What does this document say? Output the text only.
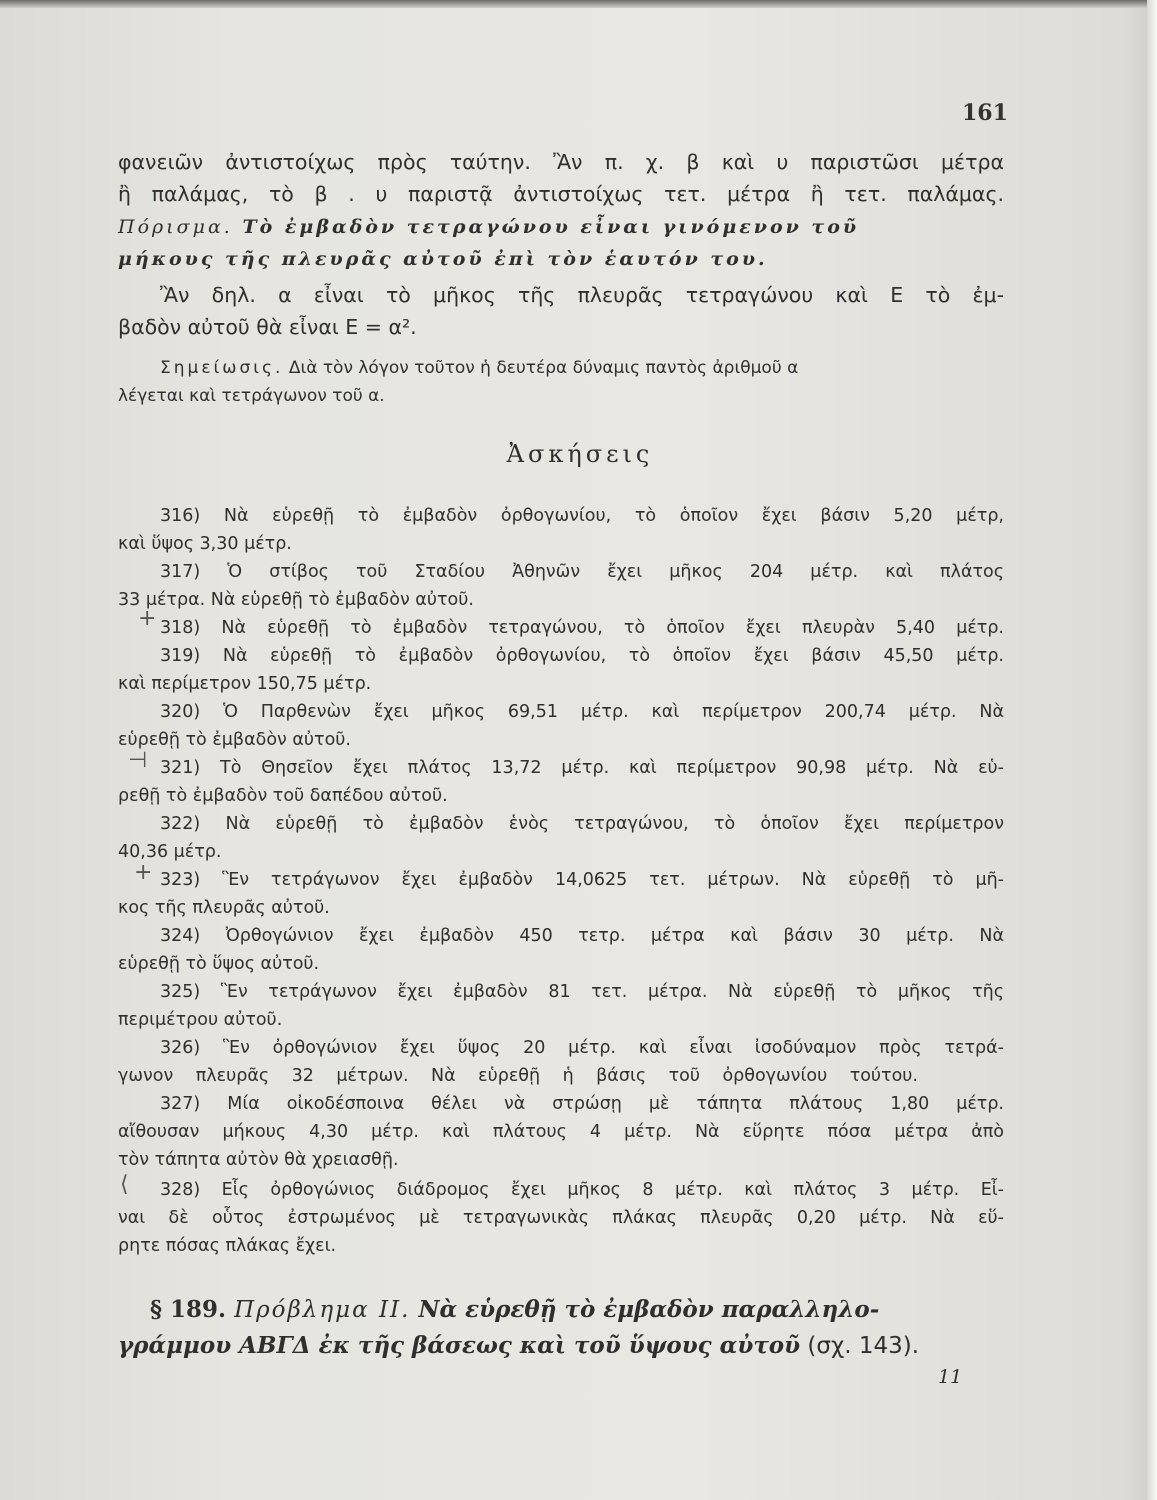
161
φανειῶν ἀντιστοίχως πρὸς ταύτην. Ἂν π. χ. β καὶ υ παριστῶσι μέτρα
ἢ παλάμας, τὸ β . υ παριστᾷ ἀντιστοίχως τετ. μέτρα ἢ τετ. παλάμας.
Πόρισμα. Τὸ ἐμβαδὸν τετραγώνου εἶναι γινόμενον τοῦ
μήκους τῆς πλευρᾶς αὐτοῦ ἐπὶ τὸν ἑαυτόν του.
Ἂν δηλ. α εἶναι τὸ μῆκος τῆς πλευρᾶς τετραγώνου καὶ Ε τὸ ἐμ-
βαδὸν αὐτοῦ θὰ εἶναι Ε = α².
Σημείωσις. Διὰ τὸν λόγον τοῦτον ἡ δευτέρα δύναμις παντὸς ἀριθμοῦ α
λέγεται καὶ τετράγωνον τοῦ α.
Ἀσκήσεις
316) Νὰ εὑρεθῇ τὸ ἐμβαδὸν ὀρθογωνίου, τὸ ὁποῖον ἔχει βάσιν 5,20 μέτρ,
καὶ ὕψος 3,30 μέτρ.
317) Ὁ στίβος τοῦ Σταδίου Ἀθηνῶν ἔχει μῆκος 204 μέτρ. καὶ πλάτος
33 μέτρα. Νὰ εὑρεθῇ τὸ ἐμβαδὸν αὐτοῦ.
+ 318) Νὰ εὑρεθῇ τὸ ἐμβαδὸν τετραγώνου, τὸ ὁποῖον ἔχει πλευρὰν 5,40 μέτρ.
319) Νὰ εὑρεθῇ τὸ ἐμβαδὸν ὀρθογωνίου, τὸ ὁποῖον ἔχει βάσιν 45,50 μέτρ.
καὶ περίμετρον 150,75 μέτρ.
320) Ὁ Παρθενὼν ἔχει μῆκος 69,51 μέτρ. καὶ περίμετρον 200,74 μέτρ. Νὰ
εὑρεθῇ τὸ ἐμβαδὸν αὐτοῦ.
⊣ 321) Τὸ Θησεῖον ἔχει πλάτος 13,72 μέτρ. καὶ περίμετρον 90,98 μέτρ. Νὰ εὑ-
ρεθῇ τὸ ἐμβαδὸν τοῦ δαπέδου αὐτοῦ.
322) Νὰ εὑρεθῇ τὸ ἐμβαδὸν ἑνὸς τετραγώνου, τὸ ὁποῖον ἔχει περίμετρον
40,36 μέτρ.
+ 323) Ἓν τετράγωνον ἔχει ἐμβαδὸν 14,0625 τετ. μέτρων. Νὰ εὑρεθῇ τὸ μῆ-
κος τῆς πλευρᾶς αὐτοῦ.
324) Ὀρθογώνιον ἔχει ἐμβαδὸν 450 τετρ. μέτρα καὶ βάσιν 30 μέτρ. Νὰ
εὑρεθῇ τὸ ὕψος αὐτοῦ.
325) Ἓν τετράγωνον ἔχει ἐμβαδὸν 81 τετ. μέτρα. Νὰ εὑρεθῇ τὸ μῆκος τῆς
περιμέτρου αὐτοῦ.
326) Ἓν ὀρθογώνιον ἔχει ὕψος 20 μέτρ. καὶ εἶναι ἰσοδύναμον πρὸς τετρά-
γωνον πλευρᾶς 32 μέτρων. Νὰ εὑρεθῇ ἡ βάσις τοῦ ὀρθογωνίου τούτου.
327) Μία οἰκοδέσποινα θέλει νὰ στρώσῃ μὲ τάπητα πλάτους 1,80 μέτρ.
αἴθουσαν μήκους 4,30 μέτρ. καὶ πλάτους 4 μέτρ. Νὰ εὕρητε πόσα μέτρα ἀπὸ
τὸν τάπητα αὐτὸν θὰ χρειασθῇ.
⟨ 328) Εἷς ὀρθογώνιος διάδρομος ἔχει μῆκος 8 μέτρ. καὶ πλάτος 3 μέτρ. Εἶ-
ναι δὲ οὗτος ἐστρωμένος μὲ τετραγωνικὰς πλάκας πλευρᾶς 0,20 μέτρ. Νὰ εὕ-
ρητε πόσας πλάκας ἔχει.
§ 189. Πρόβλημα ΙΙ. Νὰ εὑρεθῇ τὸ ἐμβαδὸν παραλληλο-
γράμμου ΑΒΓΔ ἐκ τῆς βάσεως καὶ τοῦ ὕψους αὐτοῦ (σχ. 143).
11
